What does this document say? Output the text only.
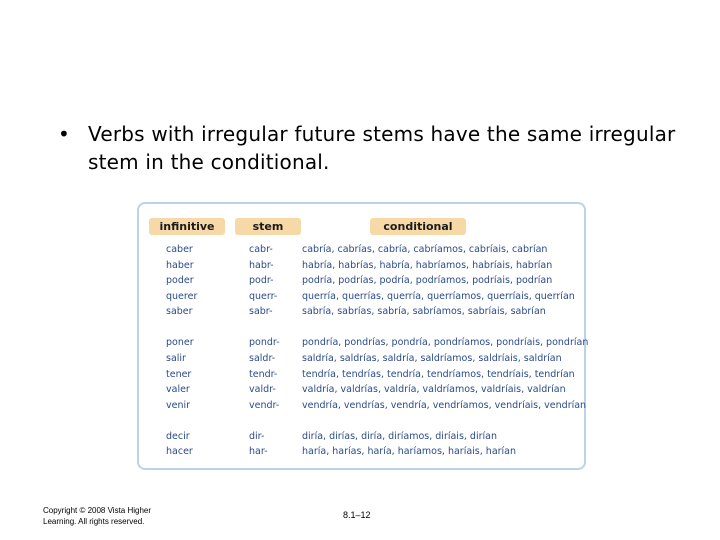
• Verbs with irregular future stems have the same irregular stem in the conditional.
infinitive	stem	conditional
caber	cabr-	cabría, cabrías, cabría, cabríamos, cabríais, cabrían
haber	habr-	habría, habrías, habría, habríamos, habríais, habrían
poder	podr-	podría, podrías, podría, podríamos, podríais, podrían
querer	querr-	querría, querrías, querría, querríamos, querríais, querrían
saber	sabr-	sabría, sabrías, sabría, sabríamos, sabríais, sabrían
poner	pondr- pondría, pondrías, pondría, pondríamos, pondríais, pondrían
salir	saldr-	saldría, saldrías, saldría, saldríamos, saldríais, saldrían
tener	tendr-	tendría, tendrías, tendría, tendríamos, tendríais, tendrían
valer	valdr-	valdría, valdrías, valdría, valdríamos, valdríais, valdrían
venir	vendr- vendría, vendrías, vendría, vendríamos, vendríais, vendrían
decir	dir-	diría, dirías, diría, diríamos, diríais, dirían
hacer	har-	haría, harías, haría, haríamos, haríais, harían
Copyright © 2008 Vista Higher
Learning. All rights reserved.
8.1–12
